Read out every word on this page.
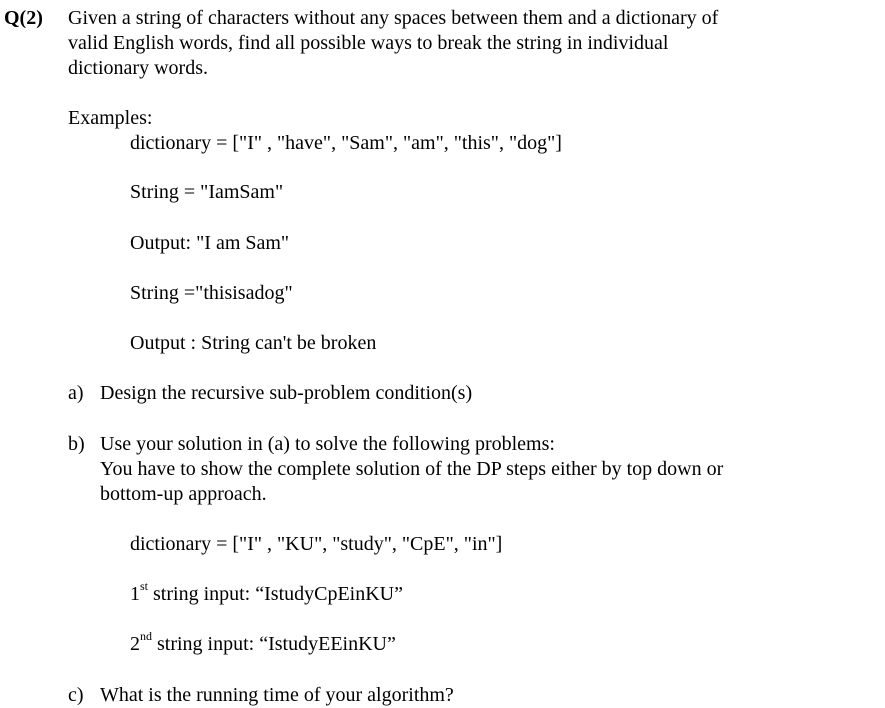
Q(2) Given a string of characters without any spaces between them and a dictionary of
valid English words, find all possible ways to break the string in individual
dictionary words.
Examples:
dictionary = ["I" , "have", "Sam", "am", "this", "dog"]
String = "IamSam"
Output: "I am Sam"
String ="thisisadog"
Output : String can't be broken
a) Design the recursive sub-problem condition(s)
b) Use your solution in (a) to solve the following problems:
You have to show the complete solution of the DP steps either by top down or
bottom-up approach.
dictionary = ["I" , "KU", "study", "CpE", "in"]
1st string input: “IstudyCpEinKU”
2nd string input: “IstudyEEinKU”
c) What is the running time of your algorithm?
